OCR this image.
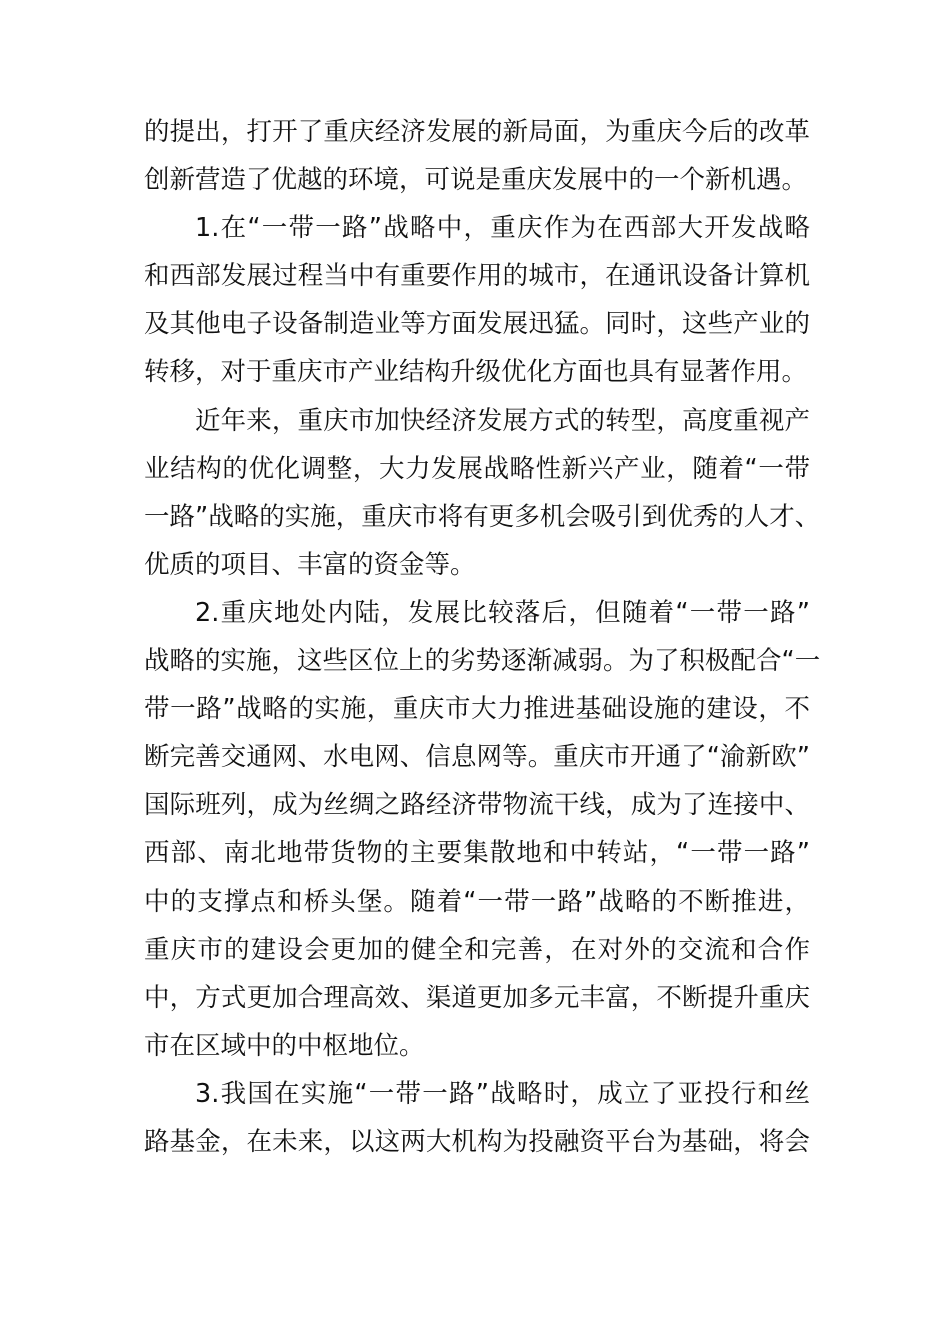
的提出，打开了重庆经济发展的新局面，为重庆今后的改革
创新营造了优越的环境，可说是重庆发展中的一个新机遇。
1.在“一带一路”战略中，重庆作为在西部大开发战略
和西部发展过程当中有重要作用的城市，在通讯设备计算机
及其他电子设备制造业等方面发展迅猛。同时，这些产业的
转移，对于重庆市产业结构升级优化方面也具有显著作用。
近年来，重庆市加快经济发展方式的转型，高度重视产
业结构的优化调整，大力发展战略性新兴产业，随着“一带
一路”战略的实施，重庆市将有更多机会吸引到优秀的人才、
优质的项目、丰富的资金等。
2.重庆地处内陆，发展比较落后，但随着“一带一路”
战略的实施，这些区位上的劣势逐渐减弱。为了积极配合“一
带一路”战略的实施，重庆市大力推进基础设施的建设，不
断完善交通网、水电网、信息网等。重庆市开通了“渝新欧”
国际班列，成为丝绸之路经济带物流干线，成为了连接中、
西部、南北地带货物的主要集散地和中转站，“一带一路”
中的支撑点和桥头堡。随着“一带一路”战略的不断推进，
重庆市的建设会更加的健全和完善，在对外的交流和合作
中，方式更加合理高效、渠道更加多元丰富，不断提升重庆
市在区域中的中枢地位。
3.我国在实施“一带一路”战略时，成立了亚投行和丝
路基金，在未来，以这两大机构为投融资平台为基础，将会
